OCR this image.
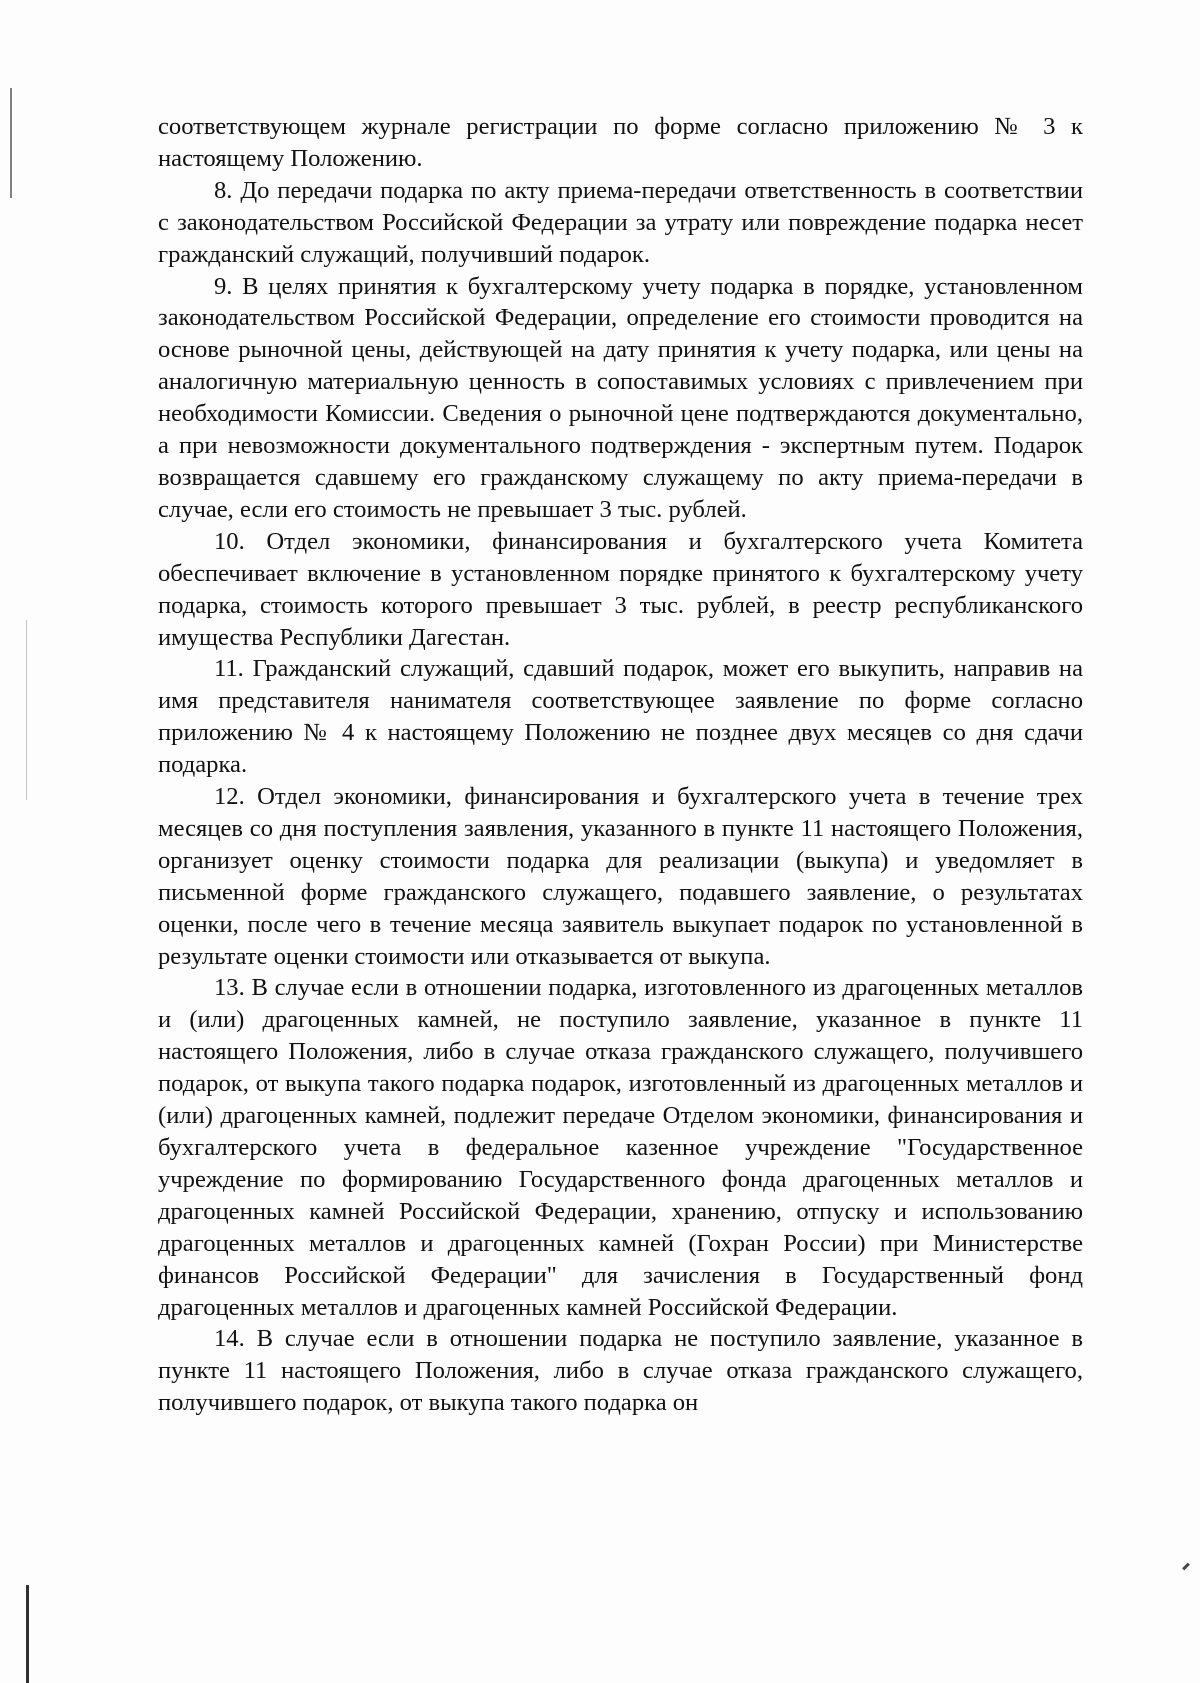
соответствующем журнале регистрации по форме согласно приложению № 3 к настоящему Положению.

8. До передачи подарка по акту приема-передачи ответственность в соответствии с законодательством Российской Федерации за утрату или повреждение подарка несет гражданский служащий, получивший подарок.

9. В целях принятия к бухгалтерскому учету подарка в порядке, установленном законодательством Российской Федерации, определение его стоимости проводится на основе рыночной цены, действующей на дату принятия к учету подарка, или цены на аналогичную материальную ценность в сопоставимых условиях с привлечением при необходимости Комиссии. Сведения о рыночной цене подтверждаются документально, а при невозможности документального подтверждения - экспертным путем. Подарок возвращается сдавшему его гражданскому служащему по акту приема-передачи в случае, если его стоимость не превышает 3 тыс. рублей.

10. Отдел экономики, финансирования и бухгалтерского учета Комитета обеспечивает включение в установленном порядке принятого к бухгалтерскому учету подарка, стоимость которого превышает 3 тыс. рублей, в реестр республиканского имущества Республики Дагестан.

11. Гражданский служащий, сдавший подарок, может его выкупить, направив на имя представителя нанимателя соответствующее заявление по форме согласно приложению № 4 к настоящему Положению не позднее двух месяцев со дня сдачи подарка.

12. Отдел экономики, финансирования и бухгалтерского учета в течение трех месяцев со дня поступления заявления, указанного в пункте 11 настоящего Положения, организует оценку стоимости подарка для реализации (выкупа) и уведомляет в письменной форме гражданского служащего, подавшего заявление, о результатах оценки, после чего в течение месяца заявитель выкупает подарок по установленной в результате оценки стоимости или отказывается от выкупа.

13. В случае если в отношении подарка, изготовленного из драгоценных металлов и (или) драгоценных камней, не поступило заявление, указанное в пункте 11 настоящего Положения, либо в случае отказа гражданского служащего, получившего подарок, от выкупа такого подарка подарок, изготовленный из драгоценных металлов и (или) драгоценных камней, подлежит передаче Отделом экономики, финансирования и бухгалтерского учета в федеральное казенное учреждение "Государственное учреждение по формированию Государственного фонда драгоценных металлов и драгоценных камней Российской Федерации, хранению, отпуску и использованию драгоценных металлов и драгоценных камней (Гохран России) при Министерстве финансов Российской Федерации" для зачисления в Государственный фонд драгоценных металлов и драгоценных камней Российской Федерации.

14. В случае если в отношении подарка не поступило заявление, указанное в пункте 11 настоящего Положения, либо в случае отказа гражданского служащего, получившего подарок, от выкупа такого подарка он
